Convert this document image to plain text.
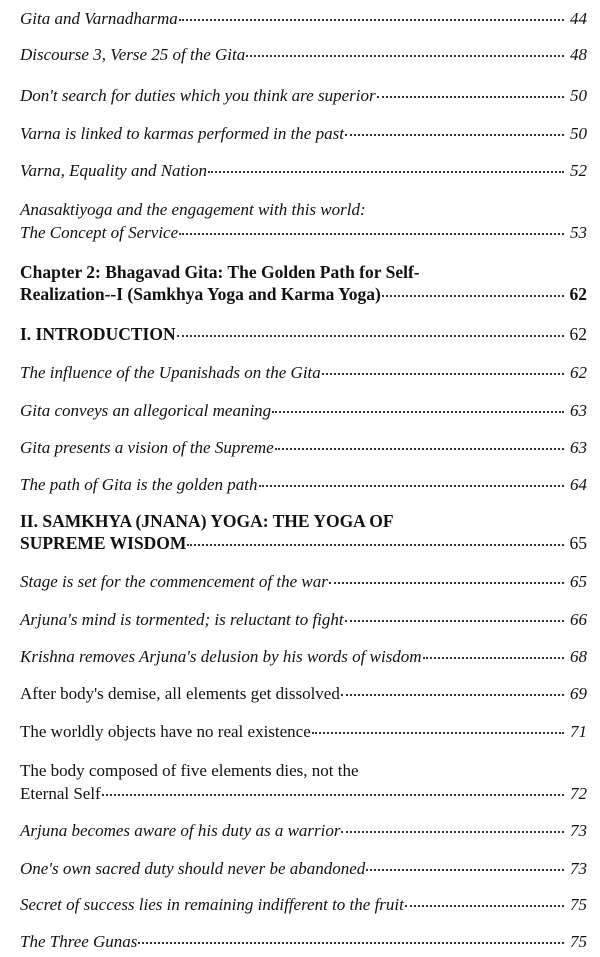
Gita and Varnadharma	44
Discourse 3, Verse 25 of the Gita	48
Don't search for duties which you think are superior	50
Varna is linked to karmas performed in the past	50
Varna, Equality and Nation	52
Anasaktiyoga and the engagement with this world:
The Concept of Service	53
Chapter 2: Bhagavad Gita: The Golden Path for Self-
Realization--I (Samkhya Yoga and Karma Yoga)	62
I. INTRODUCTION	62
The influence of the Upanishads on the Gita	62
Gita conveys an allegorical meaning	63
Gita presents a vision of the Supreme	63
The path of Gita is the golden path	64
II. SAMKHYA (JNANA) YOGA: THE YOGA OF
SUPREME WISDOM	65
Stage is set for the commencement of the war	65
Arjuna's mind is tormented; is reluctant to fight	66
Krishna removes Arjuna's delusion by his words of wisdom	68
After body's demise, all elements get dissolved	69
The worldly objects have no real existence	71
The body composed of five elements dies, not the
Eternal Self	72
Arjuna becomes aware of his duty as a warrior	73
One's own sacred duty should never be abandoned	73
Secret of success lies in remaining indifferent to the fruit	75
The Three Gunas	75
